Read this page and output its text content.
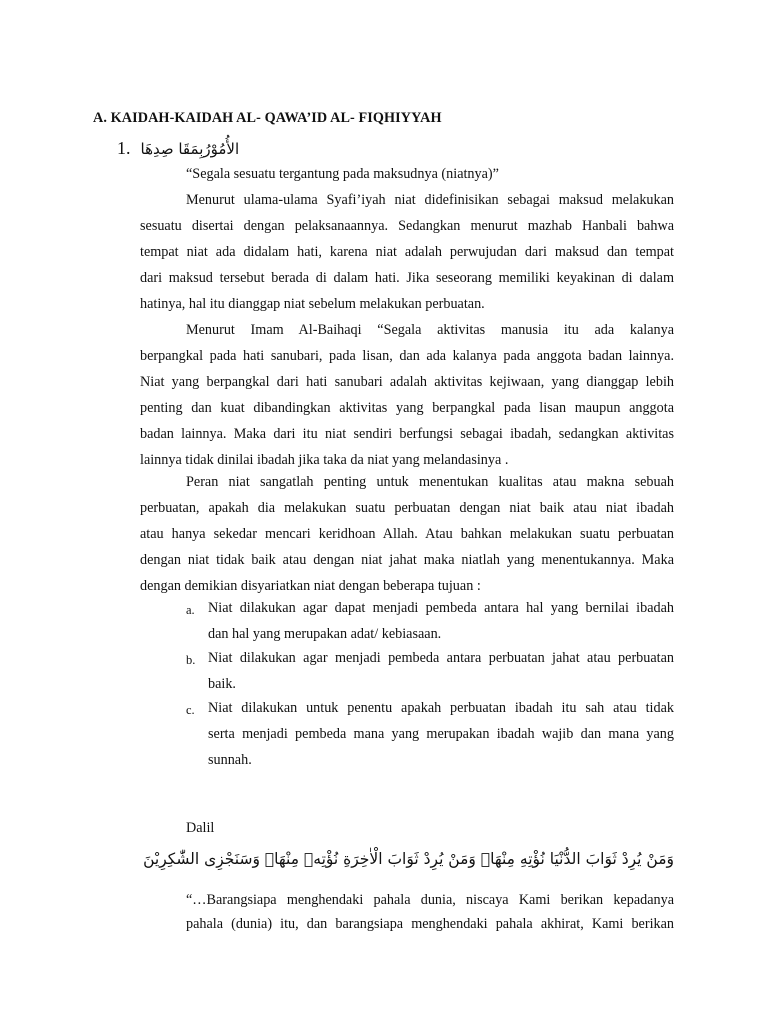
A. KAIDAH-KAIDAH AL- QAWA’ID AL- FIQHIYYAH
1. الأُمُوْرُبِمَقَا صِدِهَا
“Segala sesuatu tergantung pada maksudnya (niatnya)”
Menurut ulama-ulama Syafi’iyah niat didefinisikan sebagai maksud melakukan
sesuatu disertai dengan pelaksanaannya. Sedangkan menurut mazhab Hanbali bahwa
tempat niat ada didalam hati, karena niat adalah perwujudan dari maksud dan tempat
dari maksud tersebut berada di dalam hati. Jika seseorang memiliki keyakinan di dalam
hatinya, hal itu dianggap niat sebelum melakukan perbuatan.
Menurut Imam Al-Baihaqi “Segala aktivitas manusia itu ada kalanya
berpangkal pada hati sanubari, pada lisan, dan ada kalanya pada anggota badan lainnya.
Niat yang berpangkal dari hati sanubari adalah aktivitas kejiwaan, yang dianggap lebih
penting dan kuat dibandingkan aktivitas yang berpangkal pada lisan maupun anggota
badan lainnya. Maka dari itu niat sendiri berfungsi sebagai ibadah, sedangkan aktivitas
lainnya tidak dinilai ibadah jika taka da niat yang melandasinya .
Peran niat sangatlah penting untuk menentukan kualitas atau makna sebuah
perbuatan, apakah dia melakukan suatu perbuatan dengan niat baik atau niat ibadah
atau hanya sekedar mencari keridhoan Allah. Atau bahkan melakukan suatu perbuatan
dengan niat tidak baik atau dengan niat jahat maka niatlah yang menentukannya. Maka
dengan demikian disyariatkan niat dengan beberapa tujuan :
a. Niat dilakukan agar dapat menjadi pembeda antara hal yang bernilai ibadah
dan hal yang merupakan adat/ kebiasaan.
b. Niat dilakukan agar menjadi pembeda antara perbuatan jahat atau perbuatan
baik.
c. Niat dilakukan untuk penentu apakah perbuatan ibadah itu sah atau tidak
serta menjadi pembeda mana yang merupakan ibadah wajib dan mana yang
sunnah.
Dalil
وَمَنْ يُرِدْ ثَوَابَ الدُّنْيَا نُؤْتِهِ مِنْهَاۚ وَمَنْ يُرِدْ ثَوَابَ الْاٰخِرَةِ نُؤْتِهٖ مِنْهَاۗ وَسَنَجْزِى الشّٰكِرِيْنَ
“…Barangsiapa menghendaki pahala dunia, niscaya Kami berikan kepadanya
pahala (dunia) itu, dan barangsiapa menghendaki pahala akhirat, Kami berikan
